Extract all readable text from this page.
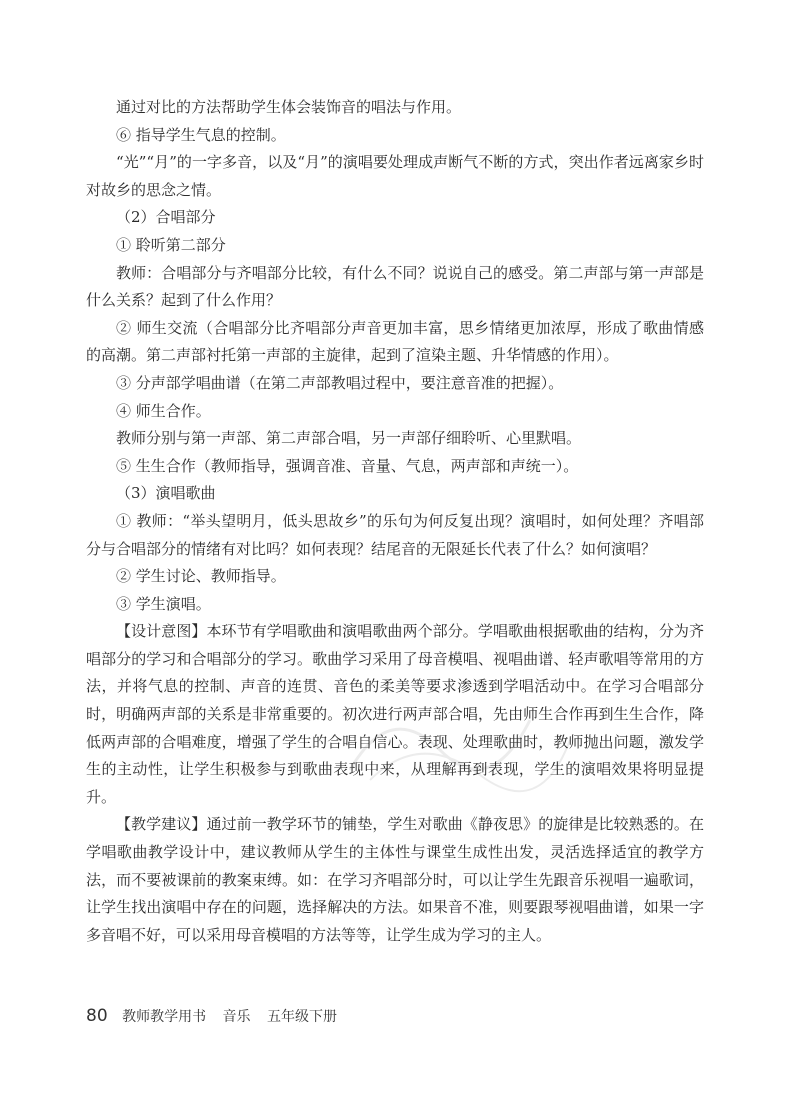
通过对比的方法帮助学生体会装饰音的唱法与作用。

⑥ 指导学生气息的控制。

“光”“月”的一字多音，以及“月”的演唱要处理成声断气不断的方式，突出作者远离家乡时对故乡的思念之情。

（2）合唱部分

① 聆听第二部分

教师：合唱部分与齐唱部分比较，有什么不同？说说自己的感受。第二声部与第一声部是什么关系？起到了什么作用？

② 师生交流（合唱部分比齐唱部分声音更加丰富，思乡情绪更加浓厚，形成了歌曲情感的高潮。第二声部衬托第一声部的主旋律，起到了渲染主题、升华情感的作用）。

③ 分声部学唱曲谱（在第二声部教唱过程中，要注意音准的把握）。

④ 师生合作。

教师分别与第一声部、第二声部合唱，另一声部仔细聆听、心里默唱。

⑤ 生生合作（教师指导，强调音准、音量、气息，两声部和声统一）。

（3）演唱歌曲

① 教师：“举头望明月，低头思故乡”的乐句为何反复出现？演唱时，如何处理？齐唱部分与合唱部分的情绪有对比吗？如何表现？结尾音的无限延长代表了什么？如何演唱？

② 学生讨论、教师指导。

③ 学生演唱。

【设计意图】本环节有学唱歌曲和演唱歌曲两个部分。学唱歌曲根据歌曲的结构，分为齐唱部分的学习和合唱部分的学习。歌曲学习采用了母音模唱、视唱曲谱、轻声歌唱等常用的方法，并将气息的控制、声音的连贯、音色的柔美等要求渗透到学唱活动中。在学习合唱部分时，明确两声部的关系是非常重要的。初次进行两声部合唱，先由师生合作再到生生合作，降低两声部的合唱难度，增强了学生的合唱自信心。表现、处理歌曲时，教师抛出问题，激发学生的主动性，让学生积极参与到歌曲表现中来，从理解再到表现，学生的演唱效果将明显提升。

【教学建议】通过前一教学环节的铺垫，学生对歌曲《静夜思》的旋律是比较熟悉的。在学唱歌曲教学设计中，建议教师从学生的主体性与课堂生成性出发，灵活选择适宜的教学方法，而不要被课前的教案束缚。如：在学习齐唱部分时，可以让学生先跟音乐视唱一遍歌词，让学生找出演唱中存在的问题，选择解决的方法。如果音不准，则要跟琴视唱曲谱，如果一字多音唱不好，可以采用母音模唱的方法等等，让学生成为学习的主人。

80 教师教学用书 音乐 五年级下册
